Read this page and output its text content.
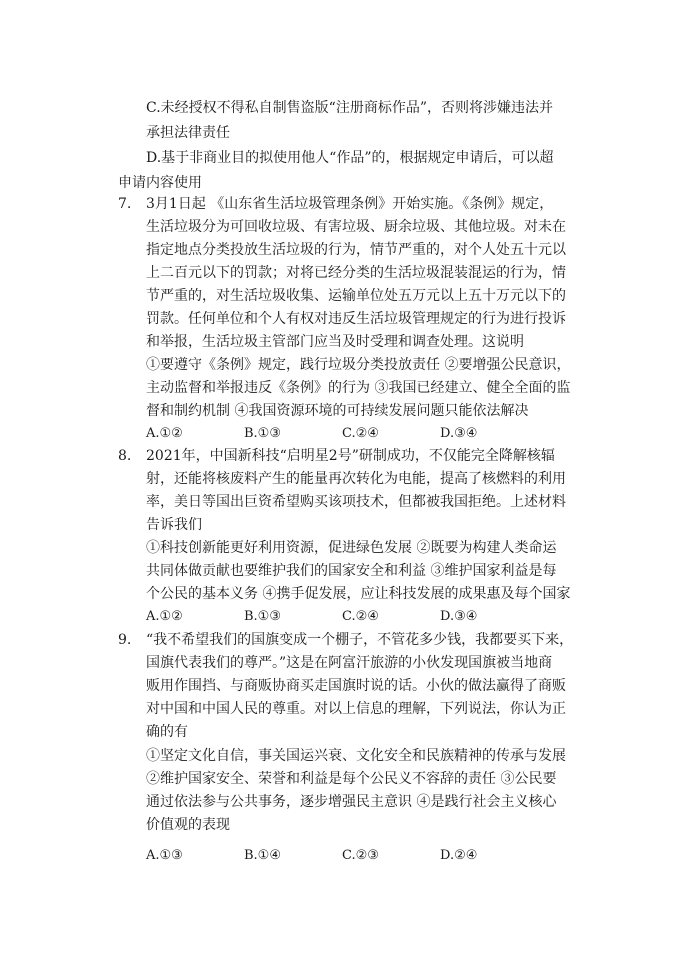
C.未经授权不得私自制售盗版“注册商标作品”，否则将涉嫌违法并
承担法律责任
D.基于非商业目的拟使用他人“作品”的，根据规定申请后，可以超
申请内容使用
7. 3月1日起 《山东省生活垃圾管理条例》开始实施。《条例》规定，
生活垃圾分为可回收垃圾、有害垃圾、厨余垃圾、其他垃圾。对未在
指定地点分类投放生活垃圾的行为，情节严重的，对个人处五十元以
上二百元以下的罚款；对将已经分类的生活垃圾混装混运的行为，情
节严重的，对生活垃圾收集、运输单位处五万元以上五十万元以下的
罚款。任何单位和个人有权对违反生活垃圾管理规定的行为进行投诉
和举报，生活垃圾主管部门应当及时受理和调查处理。这说明
①要遵守《条例》规定，践行垃圾分类投放责任 ②要增强公民意识，
主动监督和举报违反《条例》的行为 ③我国已经建立、健全全面的监
督和制约机制 ④我国资源环境的可持续发展问题只能依法解决
A.①②	B.①③	C.②④	D.③④
8. 2021年，中国新科技“启明星2号”研制成功，不仅能完全降解核辐
射，还能将核废料产生的能量再次转化为电能，提高了核燃料的利用
率，美日等国出巨资希望购买该项技术，但都被我国拒绝。上述材料
告诉我们
①科技创新能更好利用资源，促进绿色发展 ②既要为构建人类命运
共同体做贡献也要维护我们的国家安全和利益 ③维护国家利益是每
个公民的基本义务 ④携手促发展，应让科技发展的成果惠及每个国家
A.①②	B.①③	C.②④	D.③④
9. “我不希望我们的国旗变成一个棚子，不管花多少钱，我都要买下来，
国旗代表我们的尊严。”这是在阿富汗旅游的小伙发现国旗被当地商
贩用作围挡、与商贩协商买走国旗时说的话。小伙的做法赢得了商贩
对中国和中国人民的尊重。对以上信息的理解，下列说法，你认为正
确的有
①坚定文化自信，事关国运兴衰、文化安全和民族精神的传承与发展
②维护国家安全、荣誉和利益是每个公民义不容辞的责任 ③公民要
通过依法参与公共事务，逐步增强民主意识 ④是践行社会主义核心
价值观的表现
A.①③	B.①④	C.②③	D.②④
